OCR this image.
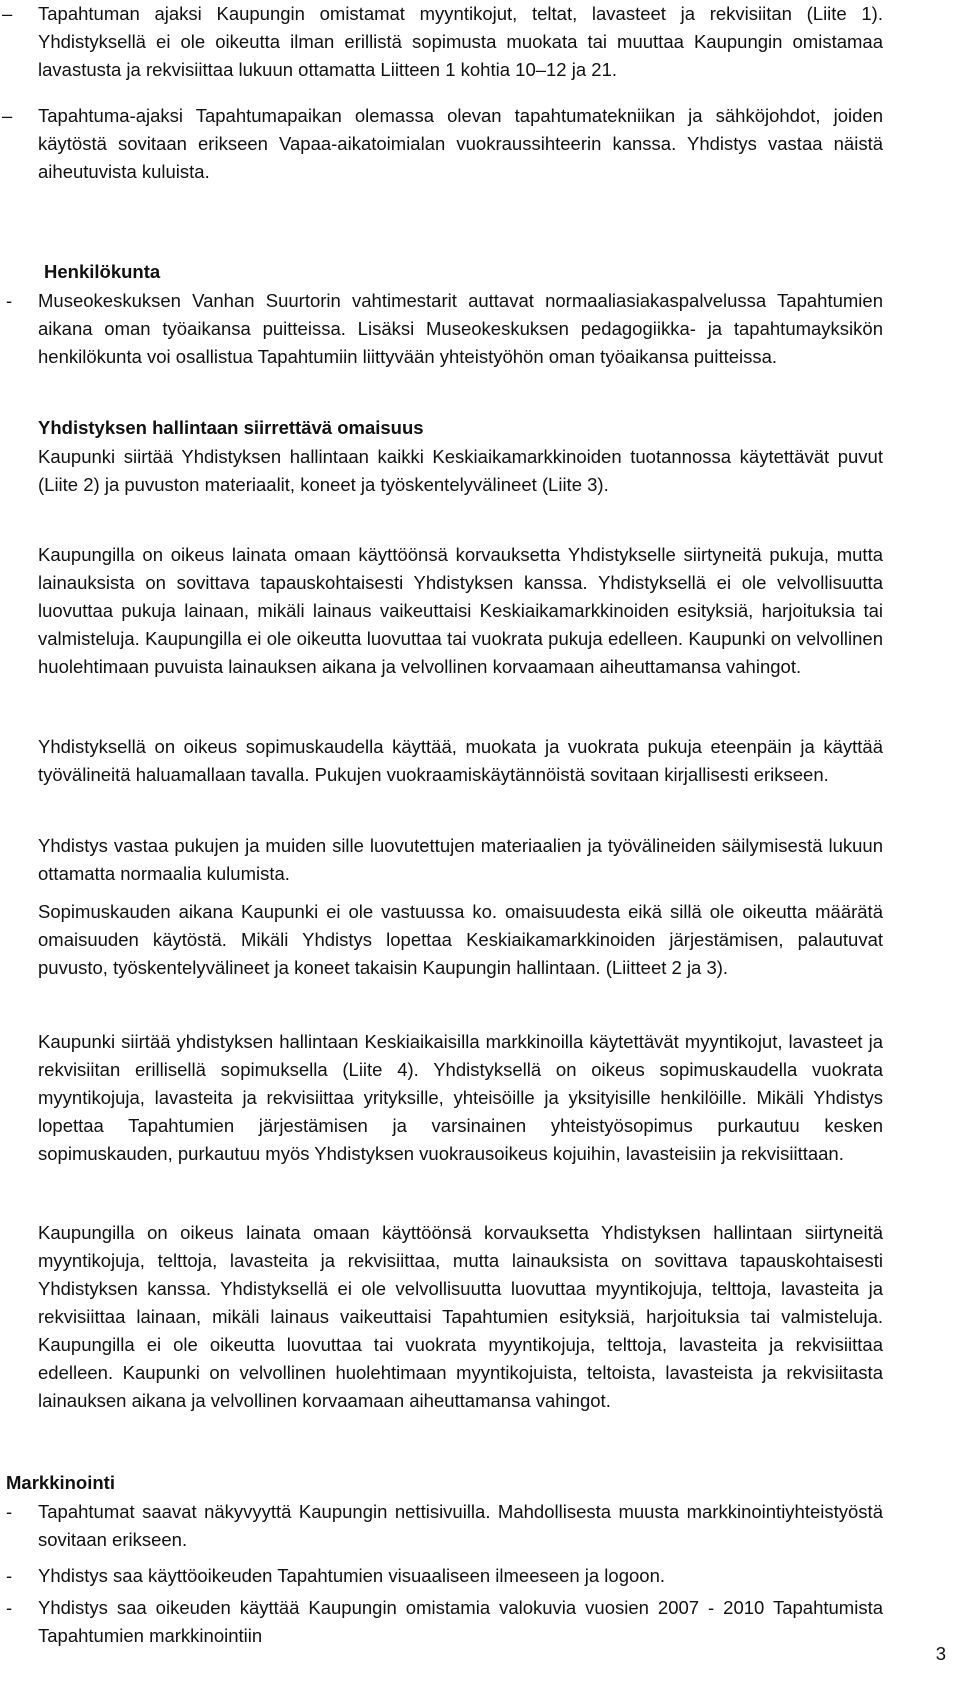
– Tapahtuman ajaksi Kaupungin omistamat myyntikojut, teltat, lavasteet ja rekvisiitan (Liite 1). Yhdistyksellä ei ole oikeutta ilman erillistä sopimusta muokata tai muuttaa Kaupungin omistamaa lavastusta ja rekvisiittaa lukuun ottamatta Liitteen 1 kohtia 10–12 ja 21.

– Tapahtuma-ajaksi Tapahtumapaikan olemassa olevan tapahtumatekniikan ja sähköjohdot, joiden käytöstä sovitaan erikseen Vapaa-aikatoimialan vuokraussihteerin kanssa. Yhdistys vastaa näistä aiheutuvista kuluista.

Henkilökunta
- Museokeskuksen Vanhan Suurtorin vahtimestarit auttavat normaaliasiakaspalvelussa Tapahtumien aikana oman työaikansa puitteissa. Lisäksi Museokeskuksen pedagogiikka- ja tapahtumayksikön henkilökunta voi osallistua Tapahtumiin liittyvään yhteistyöhön oman työaikansa puitteissa.

Yhdistyksen hallintaan siirrettävä omaisuus

Kaupunki siirtää Yhdistyksen hallintaan kaikki Keskiaikamarkkinoiden tuotannossa käytettävät puvut (Liite 2) ja puvuston materiaalit, koneet ja työskentelyvälineet (Liite 3).

Kaupungilla on oikeus lainata omaan käyttöönsä korvauksetta Yhdistykselle siirtyneitä pukuja, mutta lainauksista on sovittava tapauskohtaisesti Yhdistyksen kanssa. Yhdistyksellä ei ole velvollisuutta luovuttaa pukuja lainaan, mikäli lainaus vaikeuttaisi Keskiaikamarkkinoiden esityksiä, harjoituksia tai valmisteluja. Kaupungilla ei ole oikeutta luovuttaa tai vuokrata pukuja edelleen. Kaupunki on velvollinen huolehtimaan puvuista lainauksen aikana ja velvollinen korvaamaan aiheuttamansa vahingot.

Yhdistyksellä on oikeus sopimuskaudella käyttää, muokata ja vuokrata pukuja eteenpäin ja käyttää työvälineitä haluamallaan tavalla. Pukujen vuokraamiskäytännöistä sovitaan kirjallisesti erikseen.

Yhdistys vastaa pukujen ja muiden sille luovutettujen materiaalien ja työvälineiden säilymisestä lukuun ottamatta normaalia kulumista.

Sopimuskauden aikana Kaupunki ei ole vastuussa ko. omaisuudesta eikä sillä ole oikeutta määrätä omaisuuden käytöstä. Mikäli Yhdistys lopettaa Keskiaikamarkkinoiden järjestämisen, palautuvat puvusto, työskentelyvälineet ja koneet takaisin Kaupungin hallintaan. (Liitteet 2 ja 3).

Kaupunki siirtää yhdistyksen hallintaan Keskiaikaisilla markkinoilla käytettävät myyntikojut, lavasteet ja rekvisiitan erillisellä sopimuksella (Liite 4). Yhdistyksellä on oikeus sopimuskaudella vuokrata myyntikojuja, lavasteita ja rekvisiittaa yrityksille, yhteisöille ja yksityisille henkilöille. Mikäli Yhdistys lopettaa Tapahtumien järjestämisen ja varsinainen yhteistyösopimus purkautuu kesken sopimuskauden, purkautuu myös Yhdistyksen vuokrausoikeus kojuihin, lavasteisiin ja rekvisiittaan.

Kaupungilla on oikeus lainata omaan käyttöönsä korvauksetta Yhdistyksen hallintaan siirtyneitä myyntikojuja, telttoja, lavasteita ja rekvisiittaa, mutta lainauksista on sovittava tapauskohtaisesti Yhdistyksen kanssa. Yhdistyksellä ei ole velvollisuutta luovuttaa myyntikojuja, telttoja, lavasteita ja rekvisiittaa lainaan, mikäli lainaus vaikeuttaisi Tapahtumien esityksiä, harjoituksia tai valmisteluja. Kaupungilla ei ole oikeutta luovuttaa tai vuokrata myyntikojuja, telttoja, lavasteita ja rekvisiittaa edelleen. Kaupunki on velvollinen huolehtimaan myyntikojuista, teltoista, lavasteista ja rekvisiitasta lainauksen aikana ja velvollinen korvaamaan aiheuttamansa vahingot.

Markkinointi
- Tapahtumat saavat näkyvyyttä Kaupungin nettisivuilla. Mahdollisesta muusta markkinointiyhteistyöstä sovitaan erikseen.

- Yhdistys saa käyttöoikeuden Tapahtumien visuaaliseen ilmeeseen ja logoon.

- Yhdistys saa oikeuden käyttää Kaupungin omistamia valokuvia vuosien 2007 - 2010 Tapahtumista Tapahtumien markkinointiin

3
